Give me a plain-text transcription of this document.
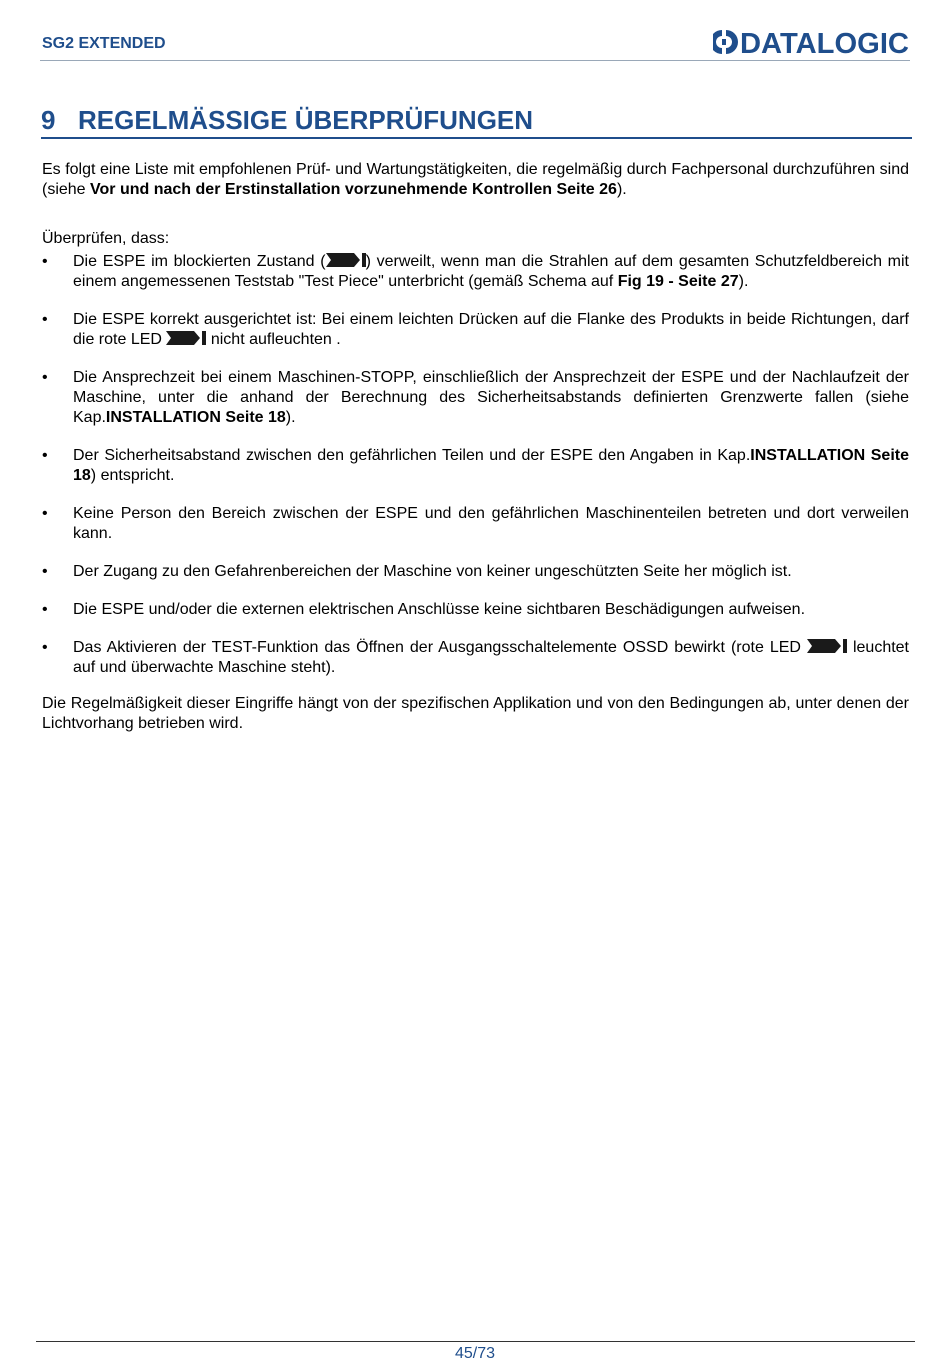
SG2 EXTENDED	DATALOGIC
9 REGELMÄSSIGE ÜBERPRÜFUNGEN

Es folgt eine Liste mit empfohlenen Prüf- und Wartungstätigkeiten, die regelmäßig durch Fachpersonal durchzuführen sind (siehe Vor und nach der Erstinstallation vorzunehmende Kontrollen Seite 26).

Überprüfen, dass:

• Die ESPE im blockierten Zustand (	) verweilt, wenn man die Strahlen auf dem gesamten Schutzfeldbereich mit einem angemessenen Teststab "Test Piece" unterbricht (gemäß Schema auf Fig 19 - Seite 27).
• Die ESPE korrekt ausgerichtet ist: Bei einem leichten Drücken auf die Flanke des Produkts in beide Richtungen, darf die rote LED	nicht aufleuchten .
• Die Ansprechzeit bei einem Maschinen-STOPP, einschließlich der Ansprechzeit der ESPE und der Nachlaufzeit der Maschine, unter die anhand der Berechnung des Sicherheitsabstands definierten Grenzwerte fallen (siehe Kap.INSTALLATION Seite 18).
• Der Sicherheitsabstand zwischen den gefährlichen Teilen und der ESPE den Angaben in Kap.INSTALLATION Seite 18) entspricht.
• Keine Person den Bereich zwischen der ESPE und den gefährlichen Maschinenteilen betreten und dort verweilen kann.
• Der Zugang zu den Gefahrenbereichen der Maschine von keiner ungeschützten Seite her möglich ist.
• Die ESPE und/oder die externen elektrischen Anschlüsse keine sichtbaren Beschädigungen aufweisen.
• Das Aktivieren der TEST-Funktion das Öffnen der Ausgangsschaltelemente OSSD bewirkt (rote LED	leuchtet auf und überwachte Maschine steht).

Die Regelmäßigkeit dieser Eingriffe hängt von der spezifischen Applikation und von den Bedingungen ab, unter denen der Lichtvorhang betrieben wird.

45/73
